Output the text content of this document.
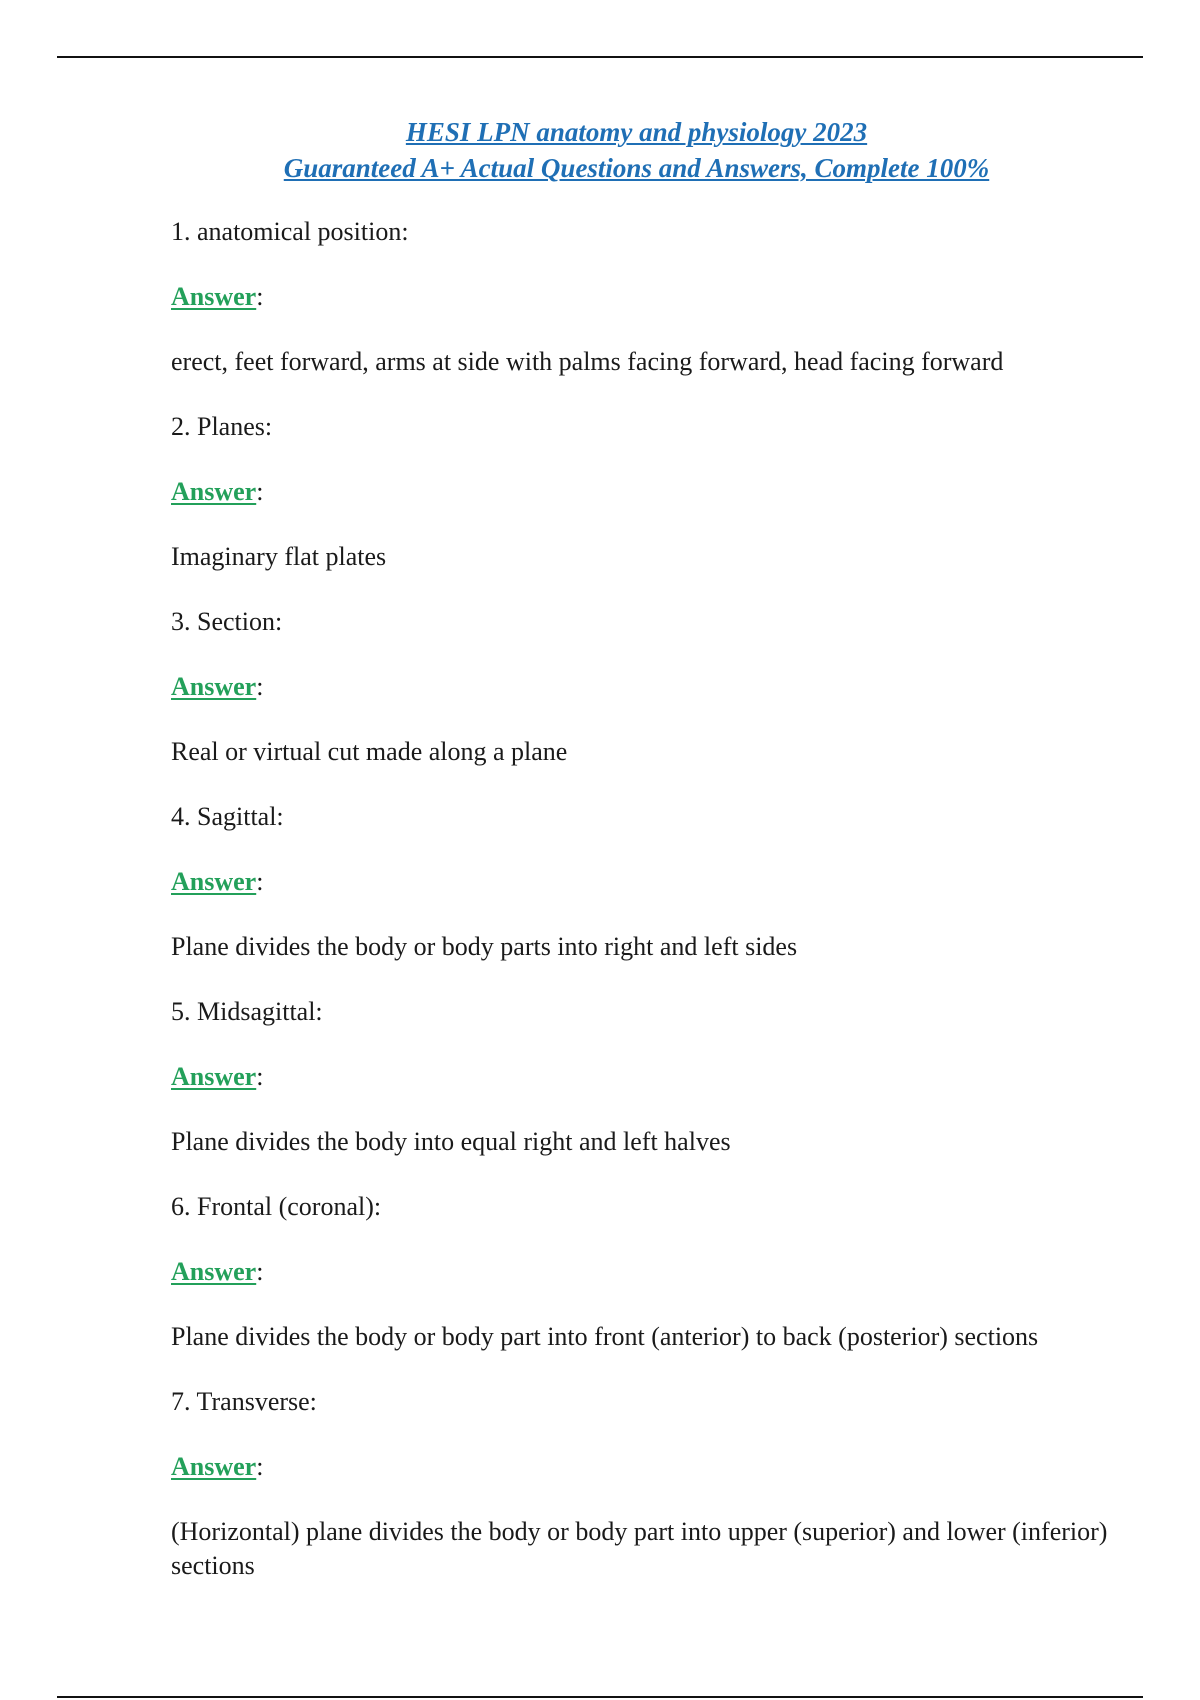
HESI LPN anatomy and physiology 2023
Guaranteed A+ Actual Questions and Answers, Complete 100%

1. anatomical position:

Answer:

erect, feet forward, arms at side with palms facing forward, head facing forward

2. Planes:

Answer:

Imaginary flat plates

3. Section:

Answer:

Real or virtual cut made along a plane

4. Sagittal:

Answer:

Plane divides the body or body parts into right and left sides

5. Midsagittal:

Answer:

Plane divides the body into equal right and left halves

6. Frontal (coronal):

Answer:

Plane divides the body or body part into front (anterior) to back (posterior) sections

7. Transverse:

Answer:

(Horizontal) plane divides the body or body part into upper (superior) and lower (inferior) sections
